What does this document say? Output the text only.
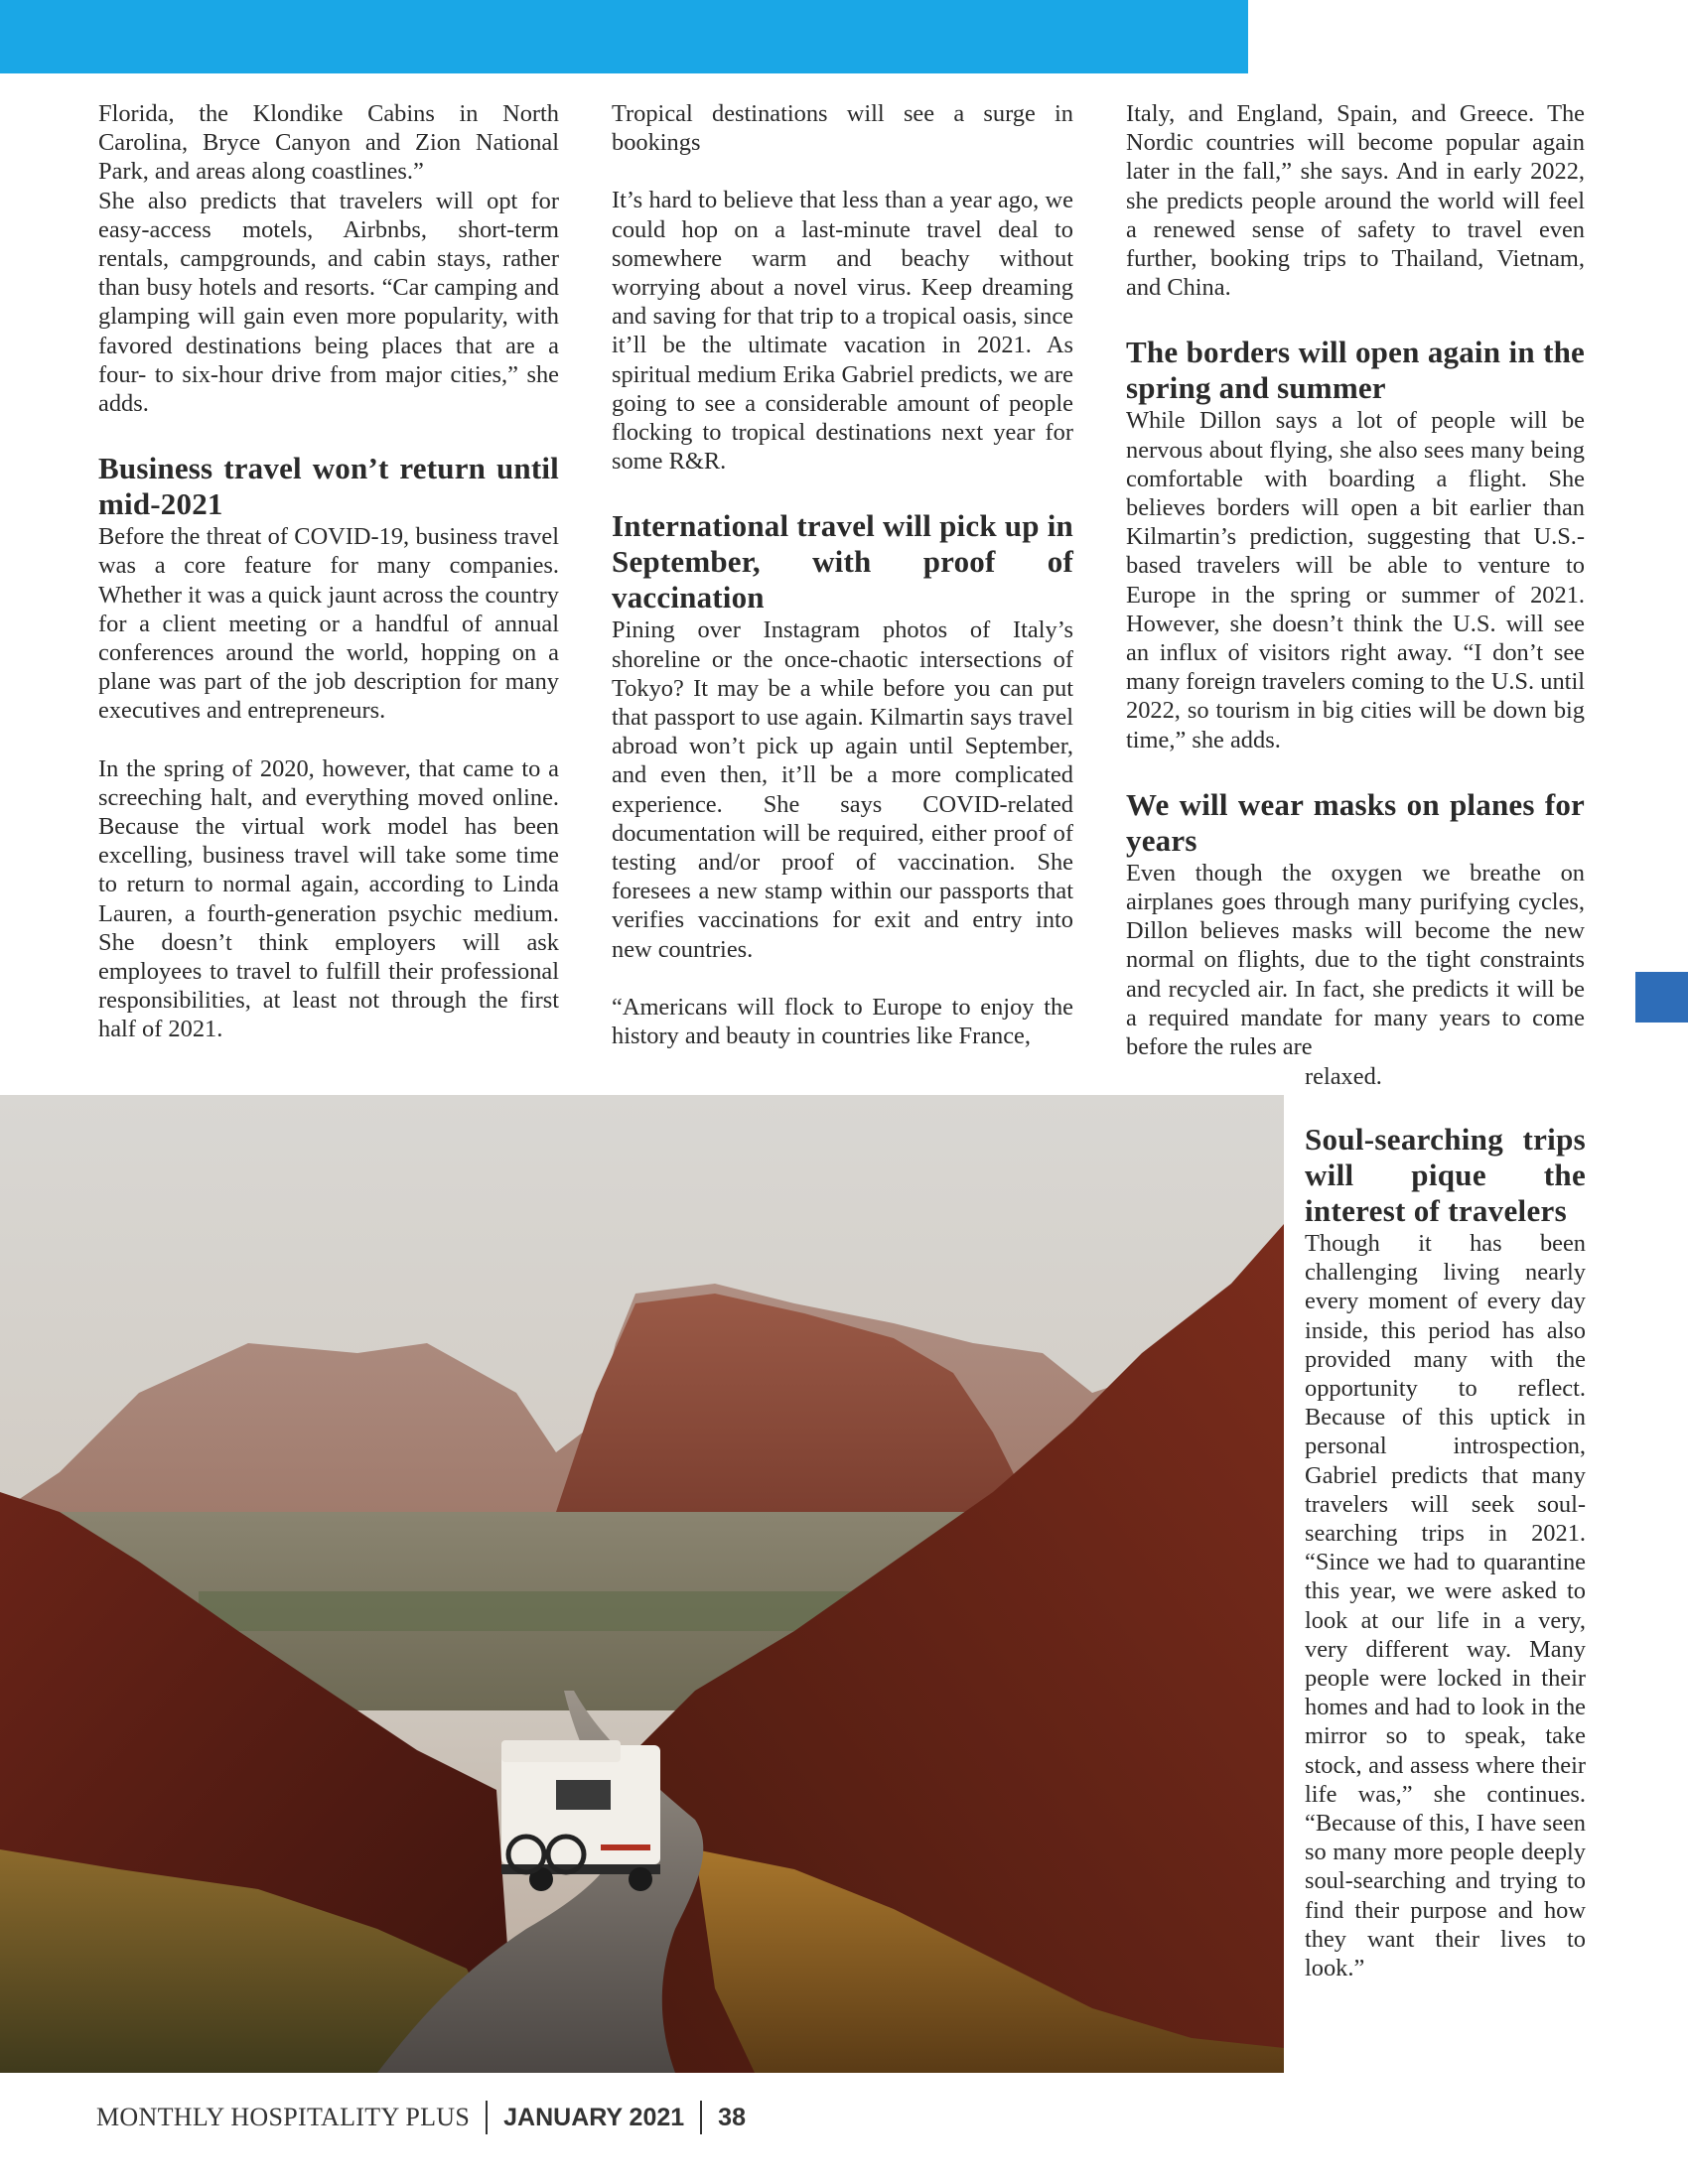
Florida, the Klondike Cabins in North Carolina, Bryce Canyon and Zion National Park, and areas along coastlines.”

She also predicts that travelers will opt for easy-access motels, Airbnbs, short-term rentals, campgrounds, and cabin stays, rather than busy hotels and resorts. “Car camping and glamping will gain even more popularity, with favored destinations being places that are a four- to six-hour drive from major cities,” she adds.

Business travel won’t return until mid-2021

Before the threat of COVID-19, business travel was a core feature for many companies. Whether it was a quick jaunt across the country for a client meeting or a handful of annual conferences around the world, hopping on a plane was part of the job description for many executives and entrepreneurs.

In the spring of 2020, however, that came to a screeching halt, and everything moved online. Because the virtual work model has been excelling, business travel will take some time to return to normal again, according to Linda Lauren, a fourth-generation psychic medium. She doesn’t think employers will ask employees to travel to fulfill their professional responsibilities, at least not through the first half of 2021.

Tropical destinations will see a surge in bookings

It’s hard to believe that less than a year ago, we could hop on a last-minute travel deal to somewhere warm and beachy without worrying about a novel virus. Keep dreaming and saving for that trip to a tropical oasis, since it’ll be the ultimate vacation in 2021. As spiritual medium Erika Gabriel predicts, we are going to see a considerable amount of people flocking to tropical destinations next year for some R&R.

International travel will pick up in September, with proof of vaccination

Pining over Instagram photos of Italy’s shoreline or the once-chaotic intersections of Tokyo? It may be a while before you can put that passport to use again. Kilmartin says travel abroad won’t pick up again until September, and even then, it’ll be a more complicated experience. She says COVID-related documentation will be required, either proof of testing and/or proof of vaccination. She foresees a new stamp within our passports that verifies vaccinations for exit and entry into new countries.

“Americans will flock to Europe to enjoy the history and beauty in countries like France,

Italy, and England, Spain, and Greece. The Nordic countries will become popular again later in the fall,” she says. And in early 2022, she predicts people around the world will feel a renewed sense of safety to travel even further, booking trips to Thailand, Vietnam, and China.

The borders will open again in the spring and summer

While Dillon says a lot of people will be nervous about flying, she also sees many being comfortable with boarding a flight. She believes borders will open a bit earlier than Kilmartin’s prediction, suggesting that U.S.-based travelers will be able to venture to Europe in the spring or summer of 2021. However, she doesn’t think the U.S. will see an influx of visitors right away. “I don’t see many foreign travelers coming to the U.S. until 2022, so tourism in big cities will be down big time,” she adds.

We will wear masks on planes for years

Even though the oxygen we breathe on airplanes goes through many purifying cycles, Dillon believes masks will become the new normal on flights, due to the tight constraints and recycled air. In fact, she predicts it will be a required mandate for many years to come before the rules are

relaxed.
Soul-searching trips will pique the interest of travelers

Though it has been challenging living nearly every moment of every day inside, this period has also provided many with the opportunity to reflect. Because of this uptick in personal introspection, Gabriel predicts that many travelers will seek soul-searching trips in 2021. “Since we had to quarantine this year, we were asked to look at our life in a very, very different way. Many people were locked in their homes and had to look in the mirror so to speak, take stock, and assess where their life was,” she continues. “Because of this, I have seen so many more people deeply soul-searching and trying to find their purpose and how they want their lives to look.”

MONTHLY HOSPITALITY PLUS JANUARY 2021 38
